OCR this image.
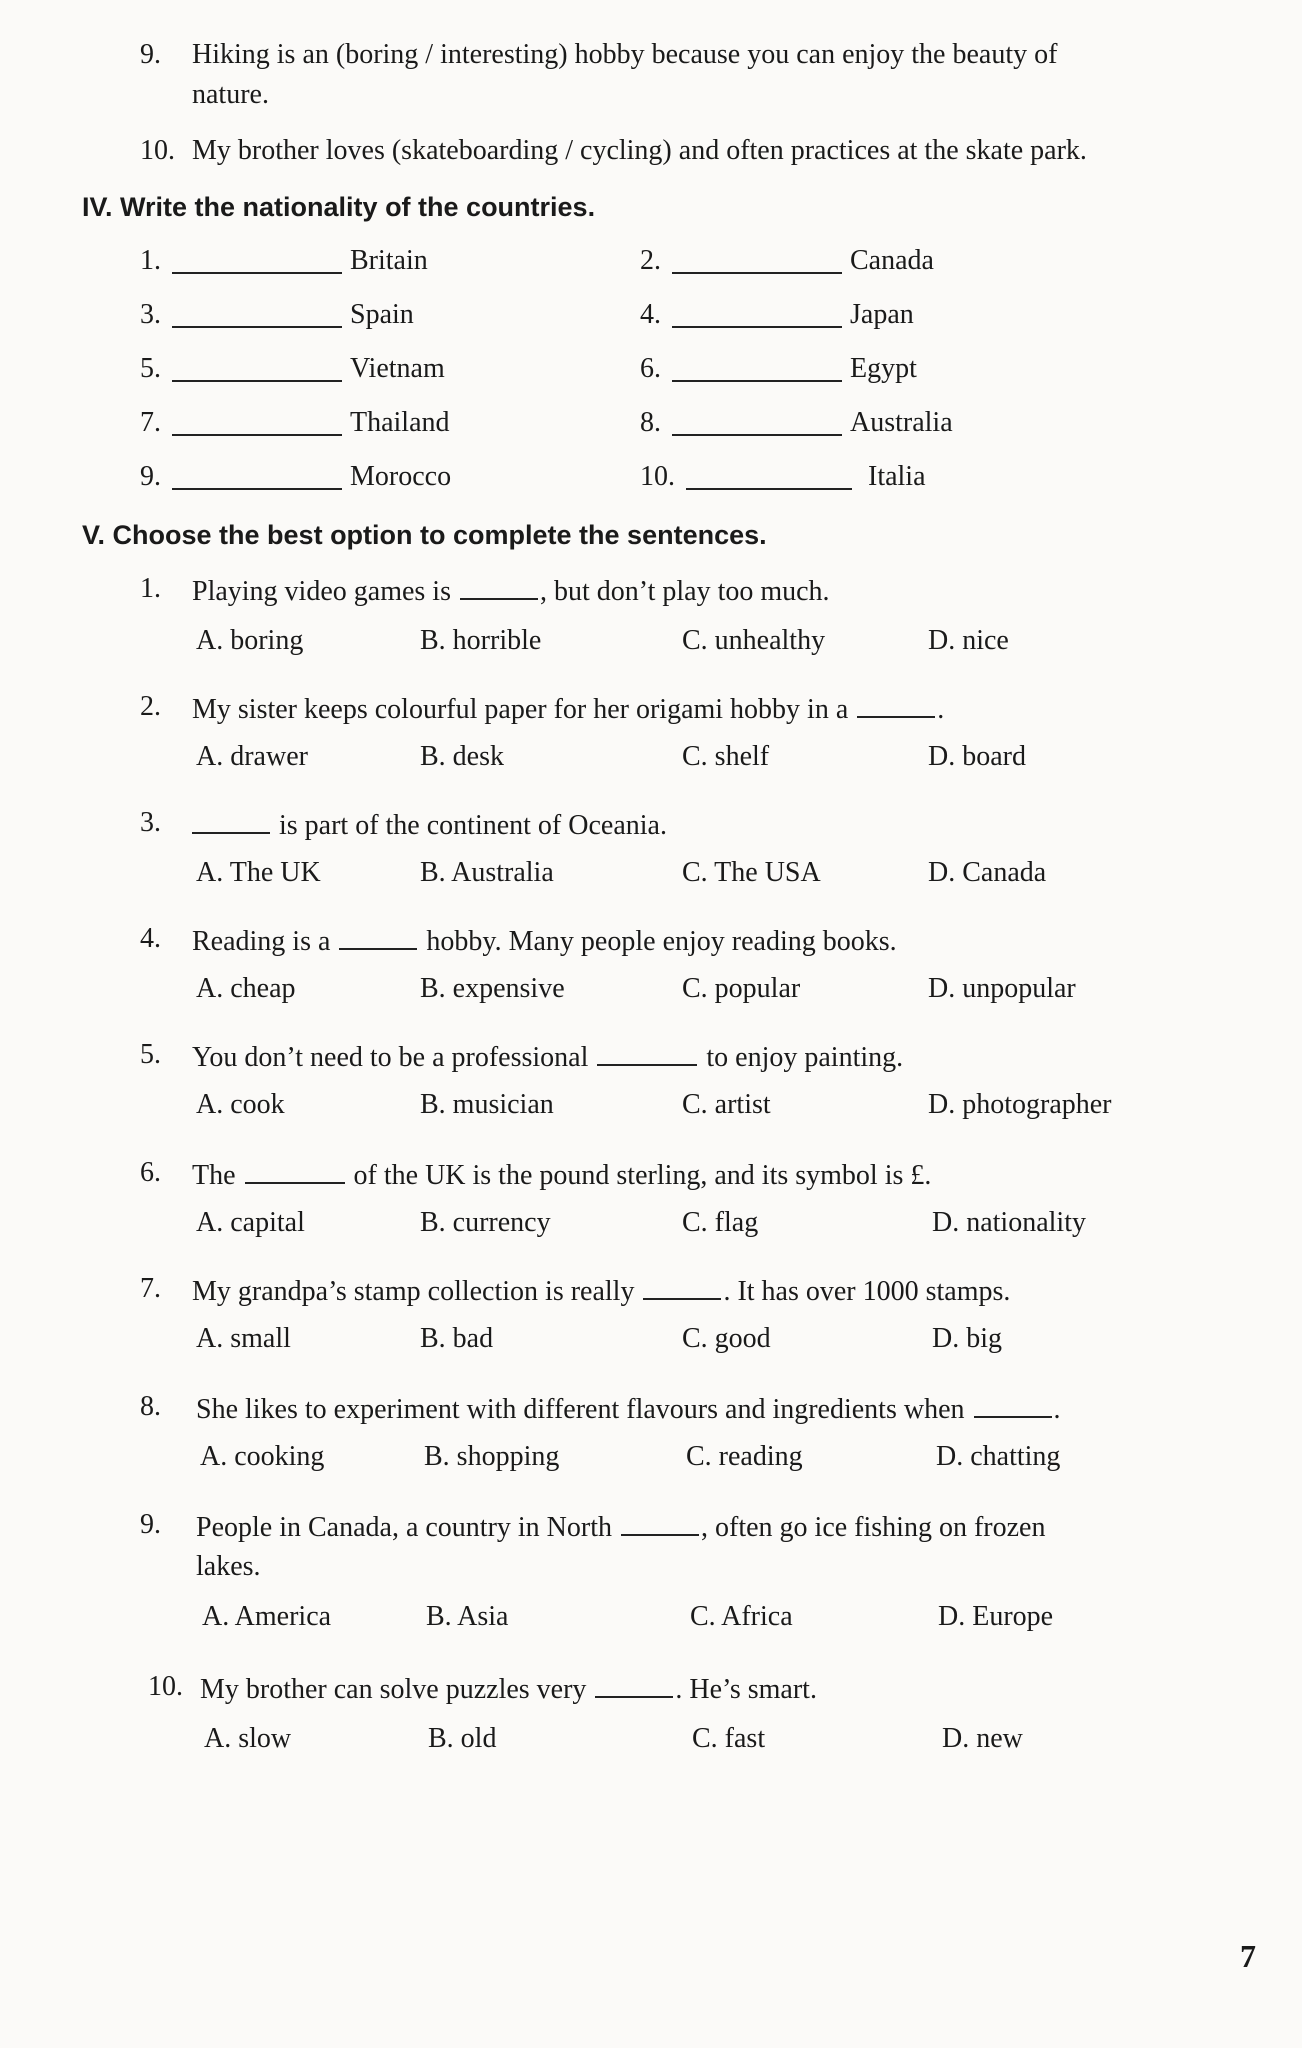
9. Hiking is an (boring / interesting) hobby because you can enjoy the beauty of
nature.
10. My brother loves (skateboarding / cycling) and often practices at the skate park.
IV. Write the nationality of the countries.
1.	Britain	2.	Canada
3.	Spain	4.	Japan
5.	Vietnam	6.	Egypt
7.	Thailand	8.	Australia
9.	Morocco	10.	Italia
V. Choose the best option to complete the sentences.
1. Playing video games is	, but don’t play too much.
A. boring	B. horrible	C. unhealthy	D. nice
2. My sister keeps colourful paper for her origami hobby in a	.
A. drawer	B. desk	C. shelf	D. board
3.	is part of the continent of Oceania.
A. The UK	B. Australia	C. The USA	D. Canada
4. Reading is a	hobby. Many people enjoy reading books.
A. cheap	B. expensive	C. popular	D. unpopular
5. You don’t need to be a professional	to enjoy painting.
A. cook	B. musician	C. artist	D. photographer
6. The	of the UK is the pound sterling, and its symbol is £.
A. capital	B. currency	C. flag	D. nationality
7. My grandpa’s stamp collection is really	. It has over 1000 stamps.
A. small	B. bad	C. good	D. big
8. She likes to experiment with different flavours and ingredients when	.
A. cooking	B. shopping	C. reading	D. chatting
9. People in Canada, a country in North	, often go ice fishing on frozen
lakes.
A. America	B. Asia	C. Africa	D. Europe
10. My brother can solve puzzles very	. He’s smart.
A. slow	B. old	C. fast	D. new
7
